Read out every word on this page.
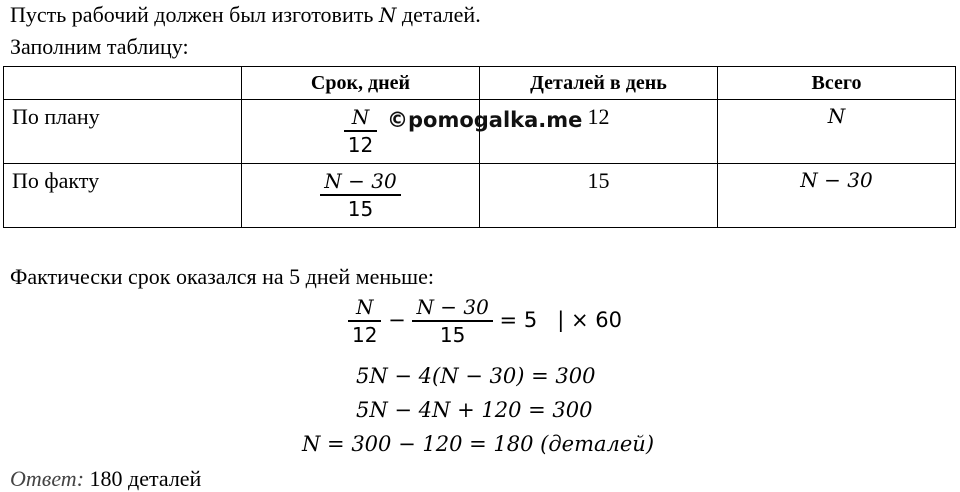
Пусть рабочий должен был изготовить N деталей.
Заполним таблицу:
	Срок, дней	Деталей в день	Всего
По плану	$\frac{N}{12}$	12	N
По факту	$\frac{N - 30}{15}$	15	N − 30
©pomogalka.me
Фактически срок оказался на 5 дней меньше:
$\frac{N}{12} - \frac{N - 30}{15} = 5$   | × 60
5N − 4(N − 30) = 300
5N − 4N + 120 = 300
N = 300 − 120 = 180 (деталей)
Ответ: 180 деталей
